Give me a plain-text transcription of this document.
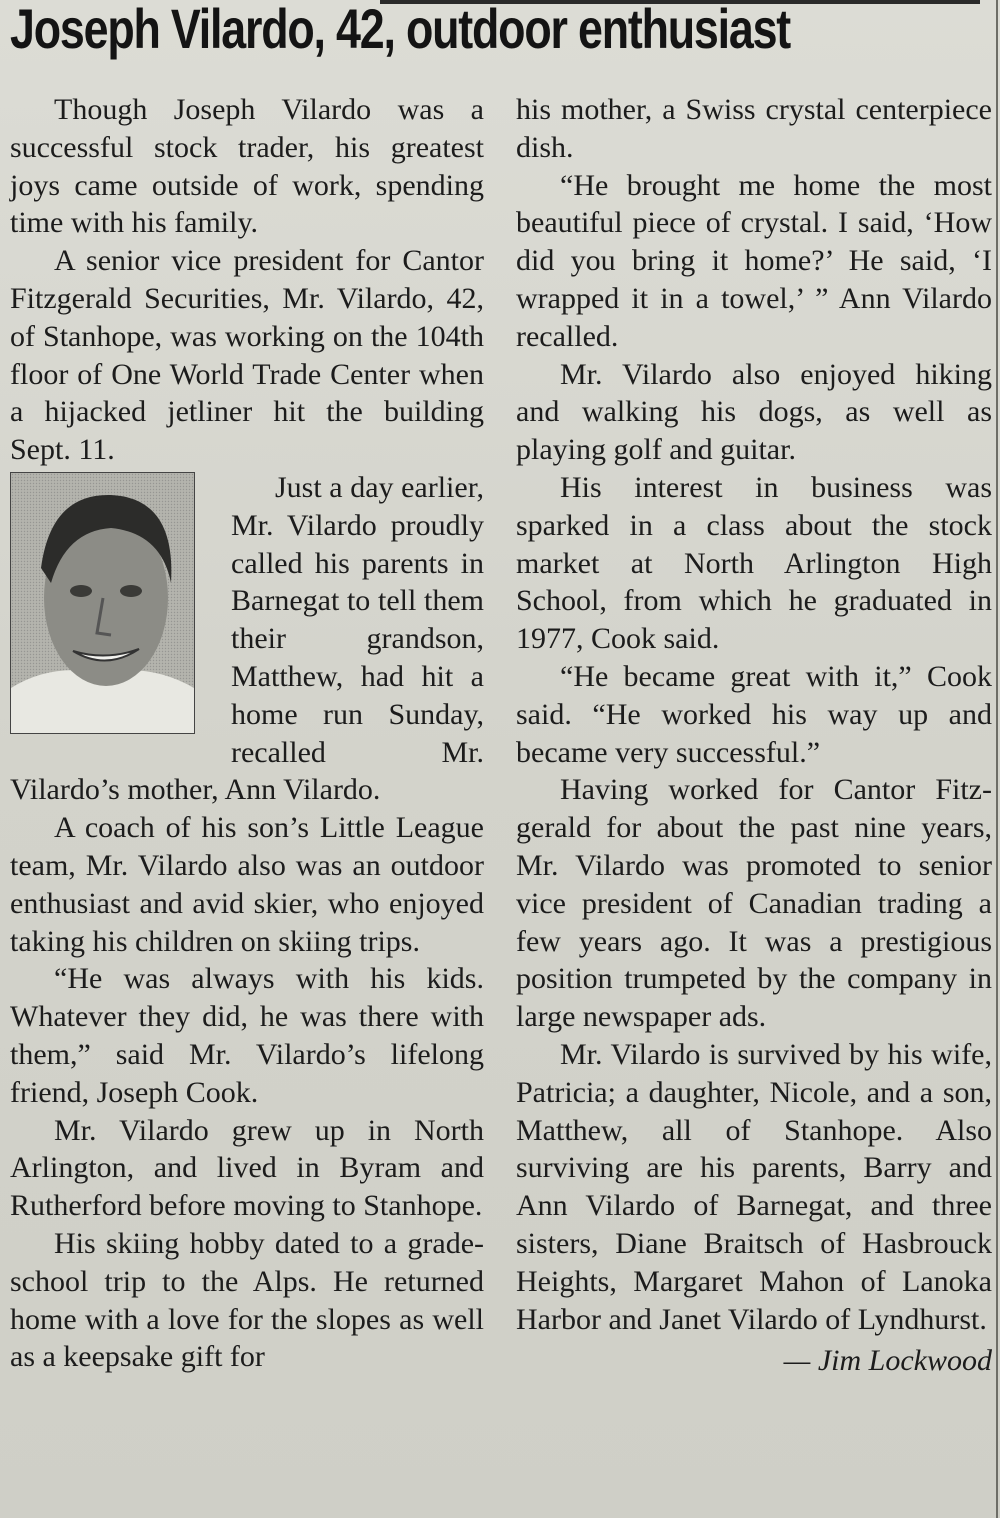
Joseph Vilardo, 42, outdoor enthusiast

Though Joseph Vilardo was a successful stock trader, his greatest joys came outside of work, spending time with his family.

A senior vice president for Cantor Fitzgerald Securities, Mr. Vilardo, 42, of Stanhope, was working on the 104th floor of One World Trade Center when a hijacked jetliner hit the building Sept. 11.

Just a day earlier, Mr. Vilardo proudly called his parents in Barnegat to tell them their grandson, Matthew, had hit a home run Sunday, recalled Mr. Vilardo’s mother, Ann Vilardo.

A coach of his son’s Little League team, Mr. Vilardo also was an outdoor enthusiast and avid skier, who enjoyed taking his children on skiing trips.

“He was always with his kids. Whatever they did, he was there with them,” said Mr. Vilardo’s lifelong friend, Joseph Cook.

Mr. Vilardo grew up in North Arlington, and lived in Byram and Rutherford before moving to Stanhope.

His skiing hobby dated to a grade-school trip to the Alps. He returned home with a love for the slopes as well as a keepsake gift for

his mother, a Swiss crystal centerpiece dish.

“He brought me home the most beautiful piece of crystal. I said, ‘How did you bring it home?’ He said, ‘I wrapped it in a towel,’ ” Ann Vilardo recalled.

Mr. Vilardo also enjoyed hiking and walking his dogs, as well as playing golf and guitar.

His interest in business was sparked in a class about the stock market at North Arlington High School, from which he graduated in 1977, Cook said.

“He became great with it,” Cook said. “He worked his way up and became very successful.”

Having worked for Cantor Fitzgerald for about the past nine years, Mr. Vilardo was promoted to senior vice president of Canadian trading a few years ago. It was a prestigious position trumpeted by the company in large newspaper ads.

Mr. Vilardo is survived by his wife, Patricia; a daughter, Nicole, and a son, Matthew, all of Stanhope. Also surviving are his parents, Barry and Ann Vilardo of Barnegat, and three sisters, Diane Braitsch of Hasbrouck Heights, Margaret Mahon of Lanoka Harbor and Janet Vilardo of Lyndhurst.

— Jim Lockwood
